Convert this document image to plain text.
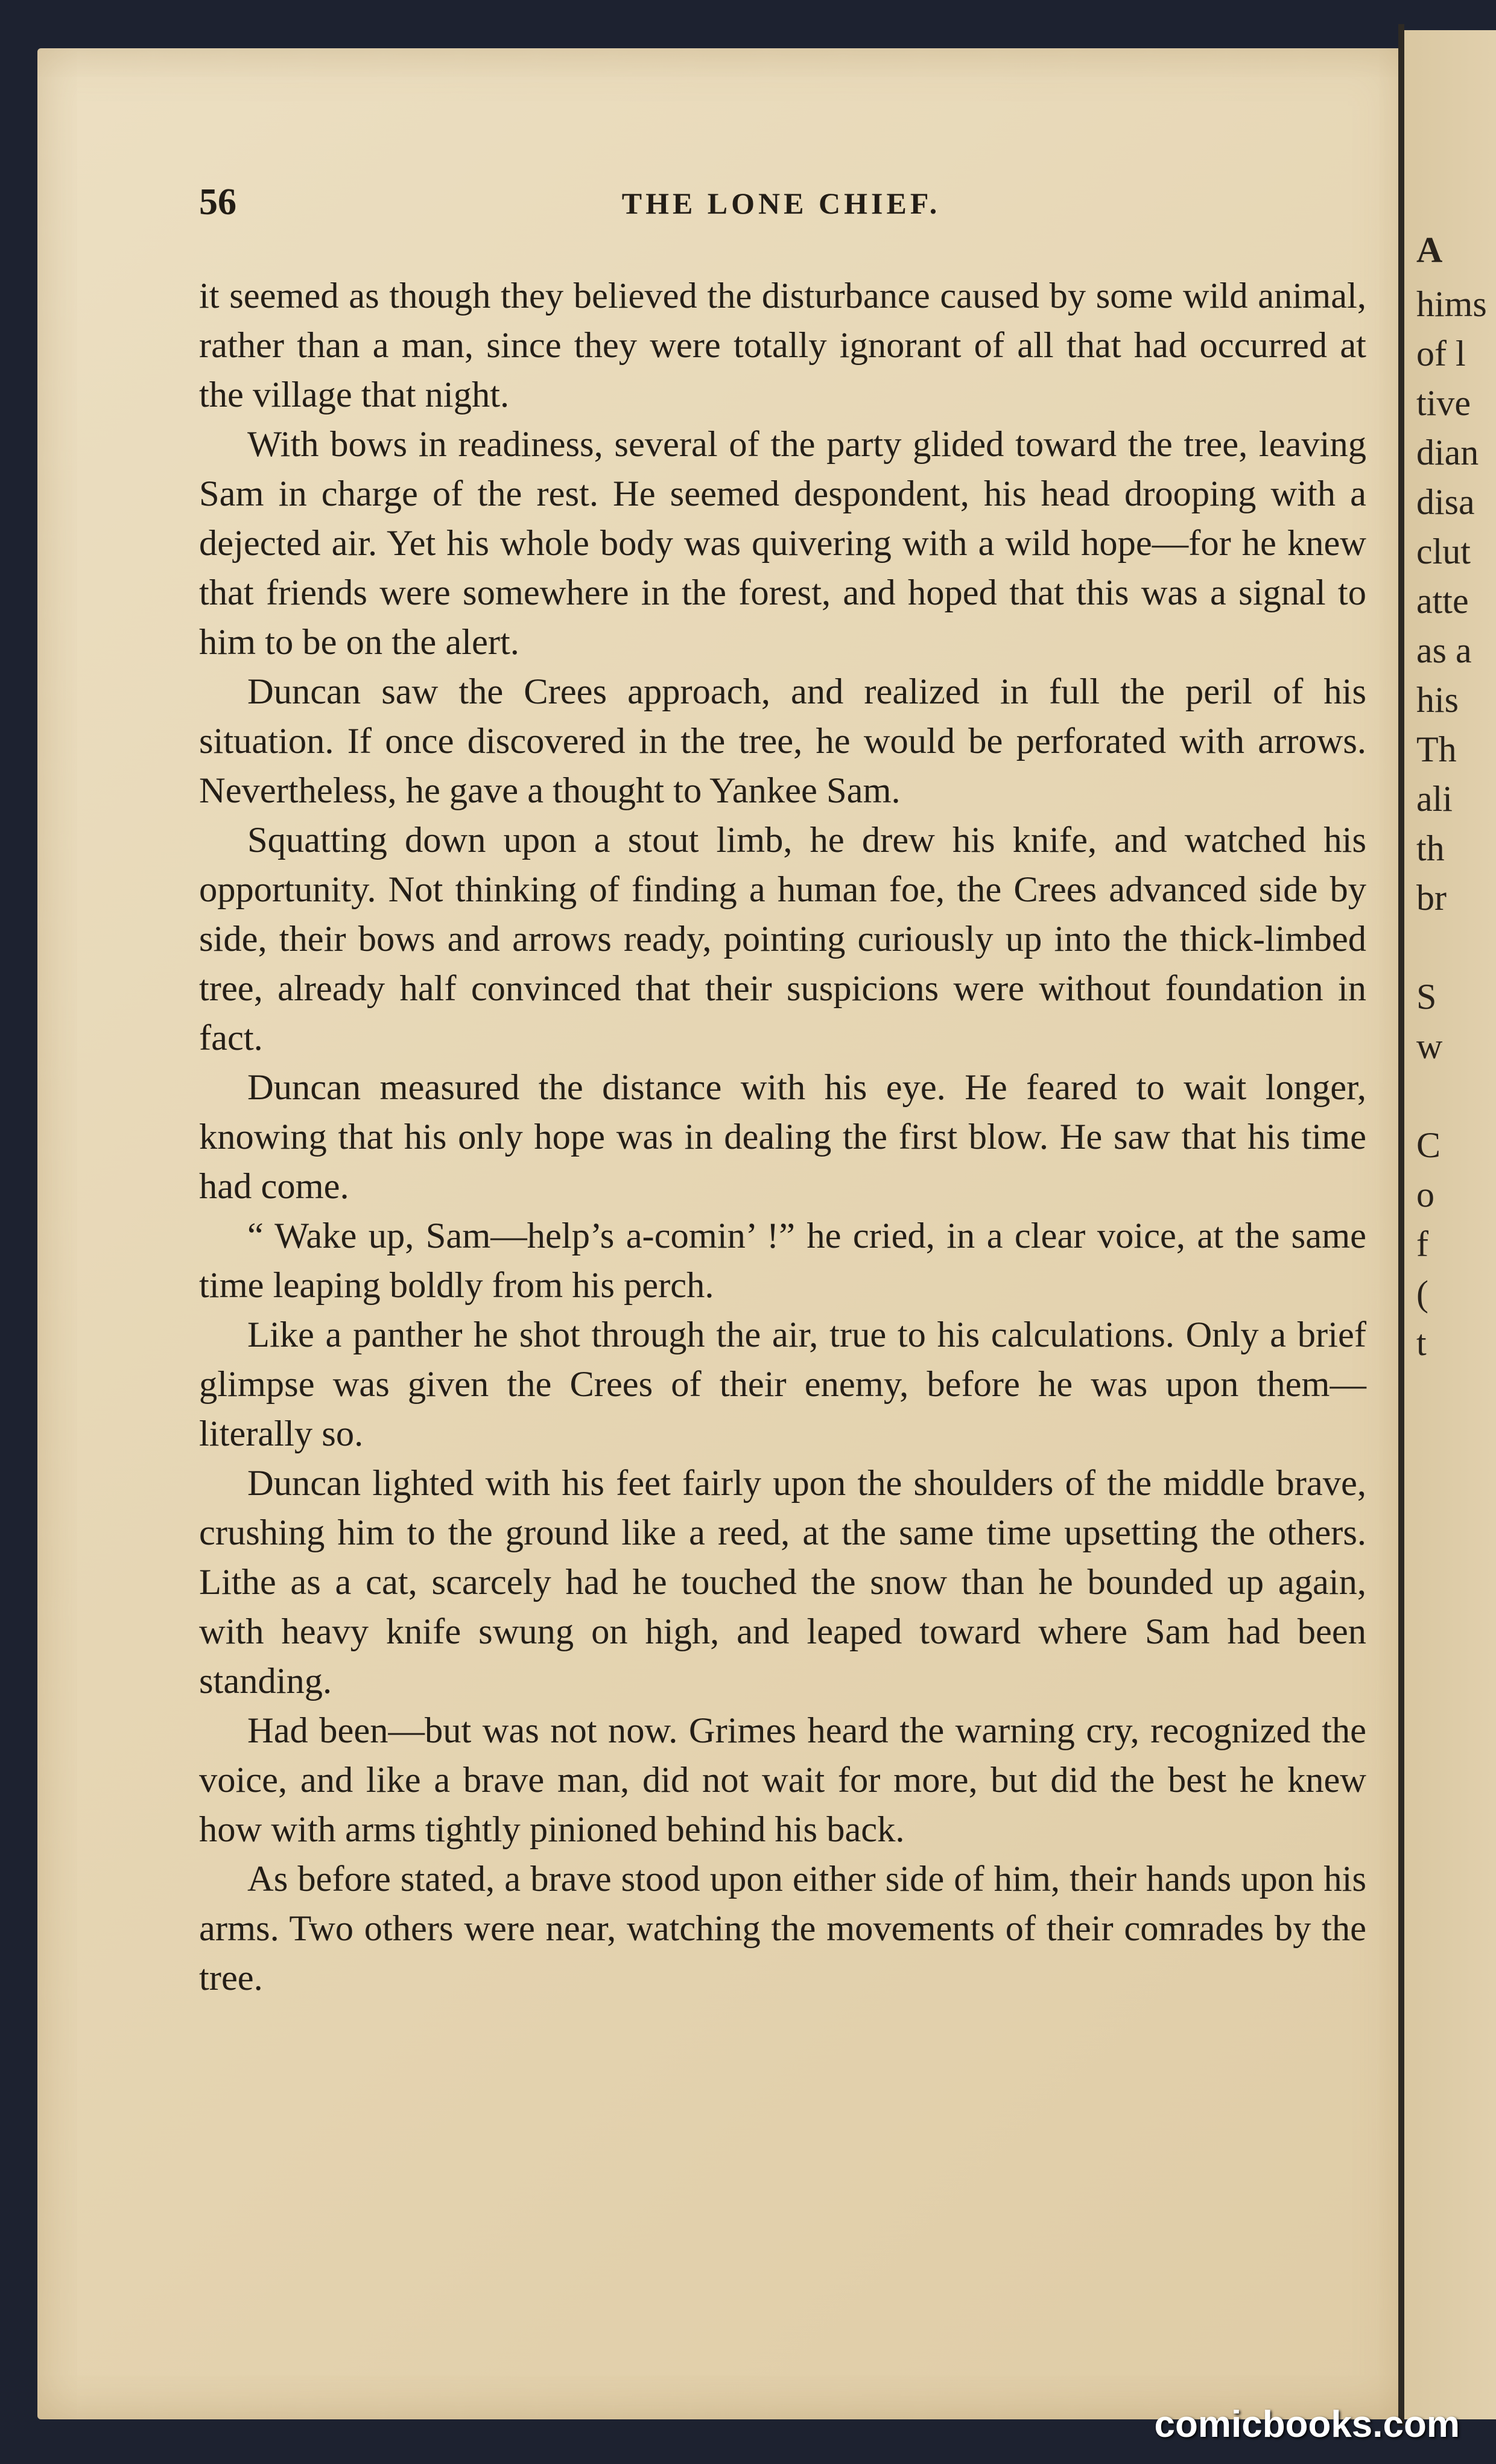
A
hims
of l
tive
dian
disa
clut
atte
as a
his
Th
ali
th
br
S
w
C
o
f
(
t
56	THE LONE CHIEF.

it seemed as though they believed the disturbance caused by some wild animal, rather than a man, since they were totally ignorant of all that had occurred at the village that night.

With bows in readiness, several of the party glided toward the tree, leaving Sam in charge of the rest. He seemed despondent, his head drooping with a dejected air. Yet his whole body was quivering with a wild hope—for he knew that friends were somewhere in the forest, and hoped that this was a signal to him to be on the alert.

Duncan saw the Crees approach, and realized in full the peril of his situation. If once discovered in the tree, he would be perforated with arrows. Nevertheless, he gave a thought to Yankee Sam.

Squatting down upon a stout limb, he drew his knife, and watched his opportunity. Not thinking of finding a human foe, the Crees advanced side by side, their bows and arrows ready, pointing curiously up into the thick-limbed tree, already half convinced that their suspicions were without foundation in fact.

Duncan measured the distance with his eye. He feared to wait longer, knowing that his only hope was in dealing the first blow. He saw that his time had come.

“ Wake up, Sam—help’s a-comin’ !” he cried, in a clear voice, at the same time leaping boldly from his perch.

Like a panther he shot through the air, true to his calculations. Only a brief glimpse was given the Crees of their enemy, before he was upon them—literally so.

Duncan lighted with his feet fairly upon the shoulders of the middle brave, crushing him to the ground like a reed, at the same time upsetting the others. Lithe as a cat, scarcely had he touched the snow than he bounded up again, with heavy knife swung on high, and leaped toward where Sam had been standing.

Had been—but was not now. Grimes heard the warning cry, recognized the voice, and like a brave man, did not wait for more, but did the best he knew how with arms tightly pinioned behind his back.

As before stated, a brave stood upon either side of him, their hands upon his arms. Two others were near, watching the movements of their comrades by the tree.

comicbooks.com
